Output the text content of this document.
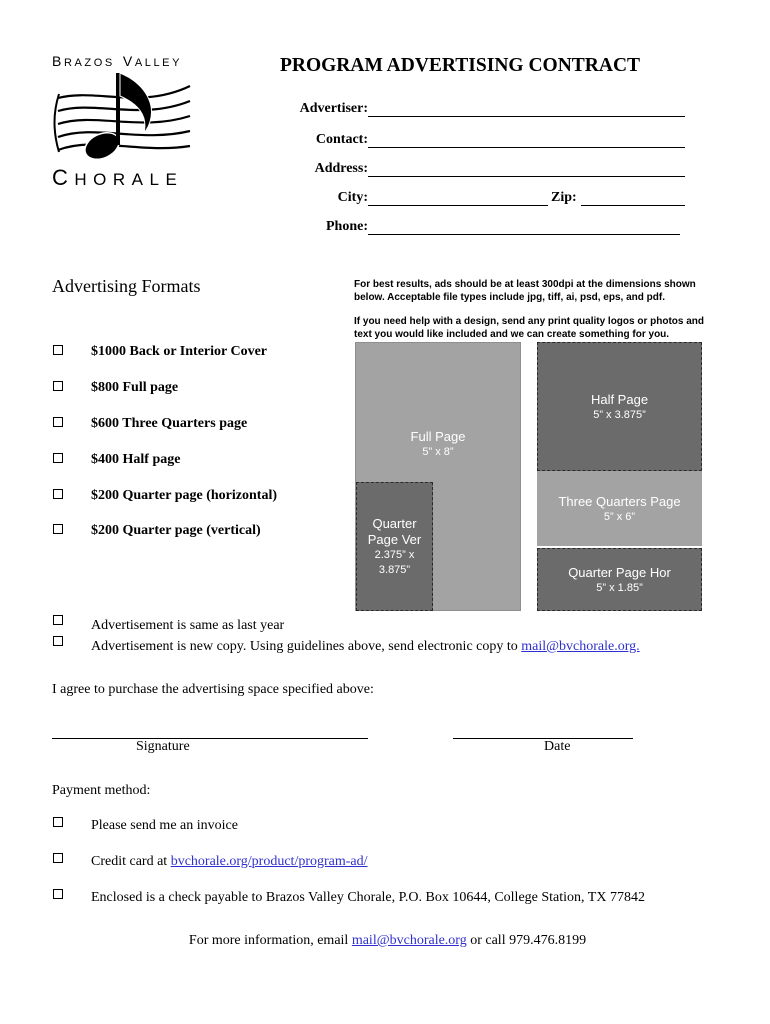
BRAZOS VALLEY
CHORALE
PROGRAM ADVERTISING CONTRACT
Advertiser:
Contact:
Address:
City:	Zip:
Phone:
Advertising Formats	For best results, ads should be at least 300dpi at the dimensions shown below. Acceptable file types include jpg, tiff, ai, psd, eps, and pdf.
If you need help with a design, send any print quality logos or photos and text you would like included and we can create something for you.
$1000 Back or Interior Cover
$800 Full page
$600 Three Quarters page
$400 Half page
$200 Quarter page (horizontal)
$200 Quarter page (vertical)
Full Page
5” x 8”
Quarter Page Ver
2.375” x 3.875”
Half Page
5” x 3.875”
Three Quarters Page
5” x 6”
Quarter Page Hor
5” x 1.85”
Advertisement is same as last year
Advertisement is new copy. Using guidelines above, send electronic copy to mail@bvchorale.org.
I agree to purchase the advertising space specified above:
Signature	Date
Payment method:
Please send me an invoice
Credit card at bvchorale.org/product/program-ad/
Enclosed is a check payable to Brazos Valley Chorale, P.O. Box 10644, College Station, TX 77842
For more information, email mail@bvchorale.org or call 979.476.8199
